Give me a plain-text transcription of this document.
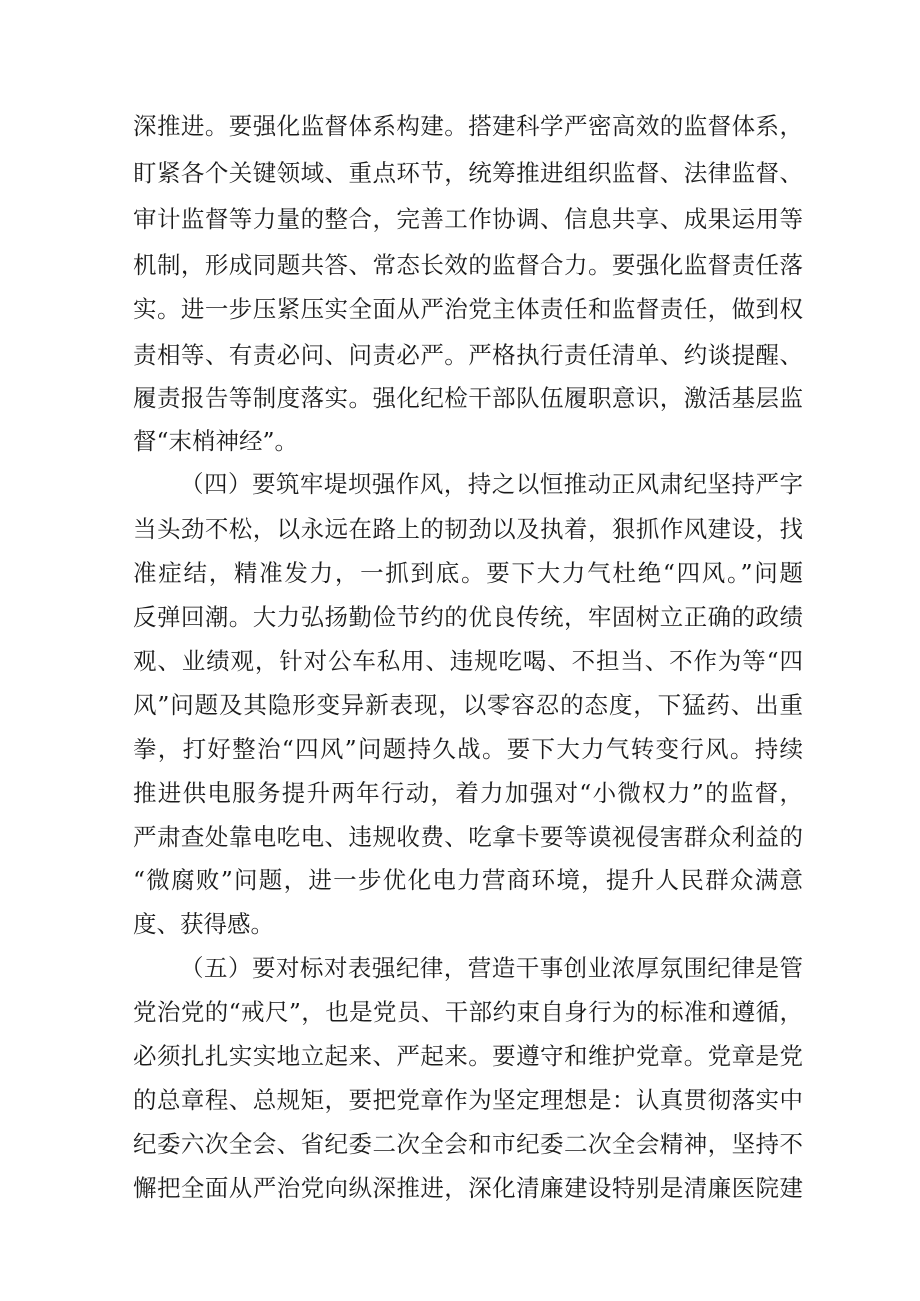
深推进。要强化监督体系构建。搭建科学严密高效的监督体系，
盯紧各个关键领域、重点环节，统筹推进组织监督、法律监督、
审计监督等力量的整合，完善工作协调、信息共享、成果运用等
机制，形成同题共答、常态长效的监督合力。要强化监督责任落
实。进一步压紧压实全面从严治党主体责任和监督责任，做到权
责相等、有责必问、问责必严。严格执行责任清单、约谈提醒、
履责报告等制度落实。强化纪检干部队伍履职意识，激活基层监
督“末梢神经”。
（四）要筑牢堤坝强作风，持之以恒推动正风肃纪坚持严字
当头劲不松，以永远在路上的韧劲以及执着，狠抓作风建设，找
准症结，精准发力，一抓到底。要下大力气杜绝“四风。”问题
反弹回潮。大力弘扬勤俭节约的优良传统，牢固树立正确的政绩
观、业绩观，针对公车私用、违规吃喝、不担当、不作为等“四
风”问题及其隐形变异新表现，以零容忍的态度，下猛药、出重
拳，打好整治“四风”问题持久战。要下大力气转变行风。持续
推进供电服务提升两年行动，着力加强对“小微权力”的监督，
严肃查处靠电吃电、违规收费、吃拿卡要等谟视侵害群众利益的
“微腐败”问题，进一步优化电力营商环境，提升人民群众满意
度、获得感。
（五）要对标对表强纪律，营造干事创业浓厚氛围纪律是管
党治党的“戒尺”，也是党员、干部约束自身行为的标准和遵循，
必须扎扎实实地立起来、严起来。要遵守和维护党章。党章是党
的总章程、总规矩，要把党章作为坚定理想是：认真贯彻落实中
纪委六次全会、省纪委二次全会和市纪委二次全会精神，坚持不
懈把全面从严治党向纵深推进，深化清廉建设特别是清廉医院建
